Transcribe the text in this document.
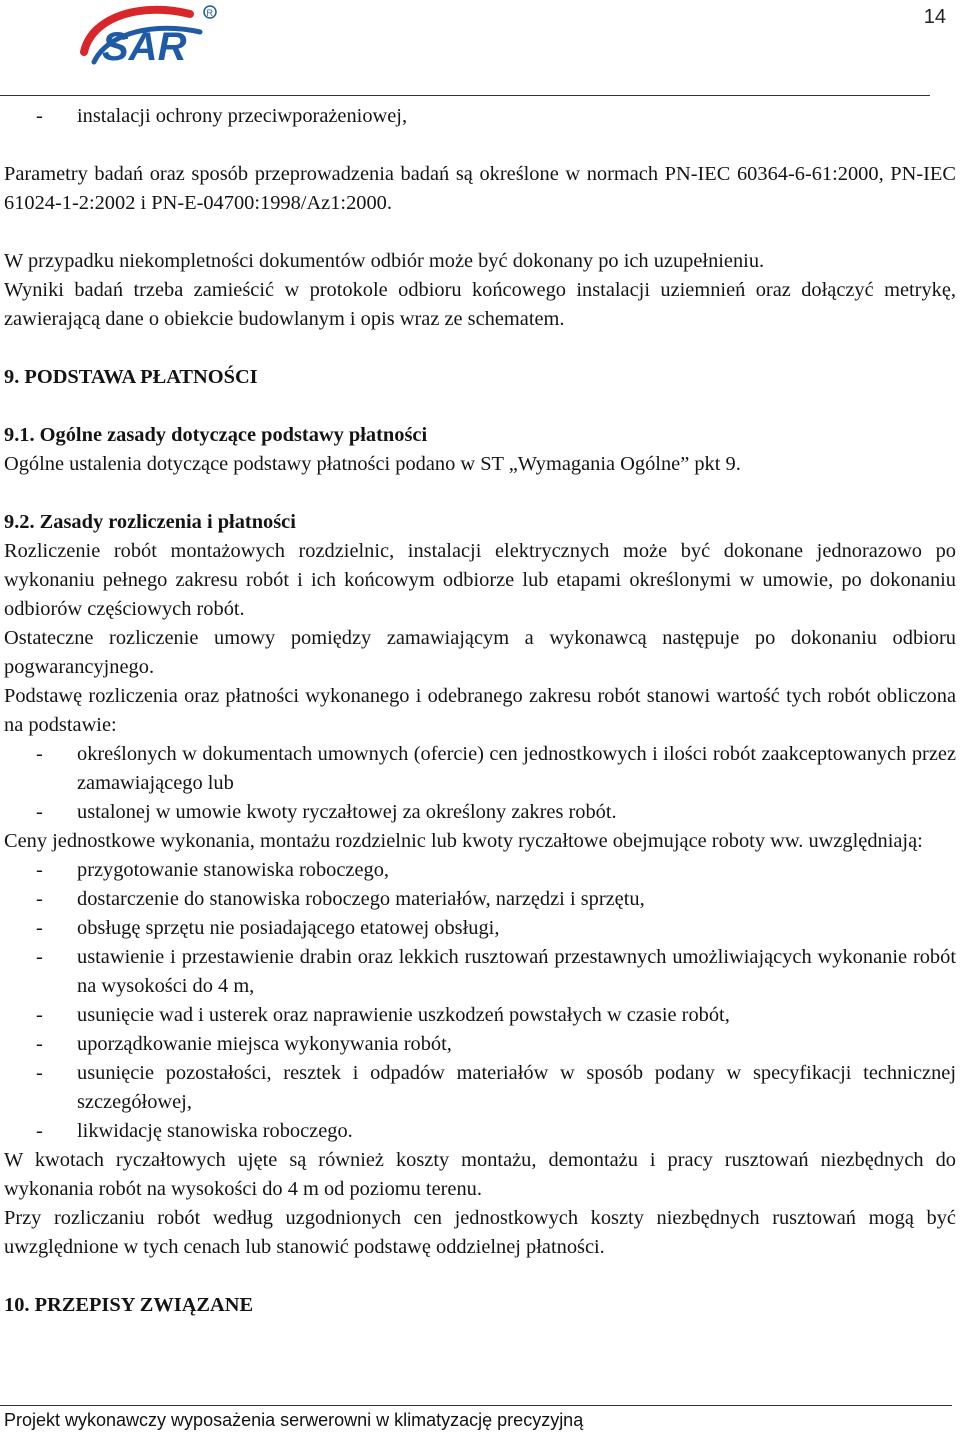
SAR
R	14
-	instalacji ochrony przeciwporażeniowej,

Parametry badań oraz sposób przeprowadzenia badań są określone w normach PN-IEC 60364-6-61:2000, PN-IEC 61024-1-2:2002 i PN-E-04700:1998/Az1:2000.

W przypadku niekompletności dokumentów odbiór może być dokonany po ich uzupełnieniu.

Wyniki badań trzeba zamieścić w protokole odbioru końcowego instalacji uziemnień oraz dołączyć metrykę, zawierającą dane o obiekcie budowlanym i opis wraz ze schematem.

9. PODSTAWA PŁATNOŚCI

9.1. Ogólne zasady dotyczące podstawy płatności

Ogólne ustalenia dotyczące podstawy płatności podano w ST „Wymagania Ogólne” pkt 9.

9.2. Zasady rozliczenia i płatności

Rozliczenie robót montażowych rozdzielnic, instalacji elektrycznych może być dokonane jednorazowo po wykonaniu pełnego zakresu robót i ich końcowym odbiorze lub etapami określonymi w umowie, po dokonaniu odbiorów częściowych robót.

Ostateczne rozliczenie umowy pomiędzy zamawiającym a wykonawcą następuje po dokonaniu odbioru pogwarancyjnego.

Podstawę rozliczenia oraz płatności wykonanego i odebranego zakresu robót stanowi wartość tych robót obliczona na podstawie:

-	określonych w dokumentach umownych (ofercie) cen jednostkowych i ilości robót zaakceptowanych przez zamawiającego lub
-	ustalonej w umowie kwoty ryczałtowej za określony zakres robót.

Ceny jednostkowe wykonania, montażu rozdzielnic lub kwoty ryczałtowe obejmujące roboty ww. uwzględniają:

-	przygotowanie stanowiska roboczego,
-	dostarczenie do stanowiska roboczego materiałów, narzędzi i sprzętu,
-	obsługę sprzętu nie posiadającego etatowej obsługi,
-	ustawienie i przestawienie drabin oraz lekkich rusztowań przestawnych umożliwiających wykonanie robót na wysokości do 4 m,
-	usunięcie wad i usterek oraz naprawienie uszkodzeń powstałych w czasie robót,
-	uporządkowanie miejsca wykonywania robót,
-	usunięcie pozostałości, resztek i odpadów materiałów w sposób podany w specyfikacji technicznej szczegółowej,
-	likwidację stanowiska roboczego.

W kwotach ryczałtowych ujęte są również koszty montażu, demontażu i pracy rusztowań niezbędnych do wykonania robót na wysokości do 4 m od poziomu terenu.

Przy rozliczaniu robót według uzgodnionych cen jednostkowych koszty niezbędnych rusztowań mogą być uwzględnione w tych cenach lub stanowić podstawę oddzielnej płatności.

10. PRZEPISY ZWIĄZANE

Projekt wykonawczy wyposażenia serwerowni w klimatyzację precyzyjną
